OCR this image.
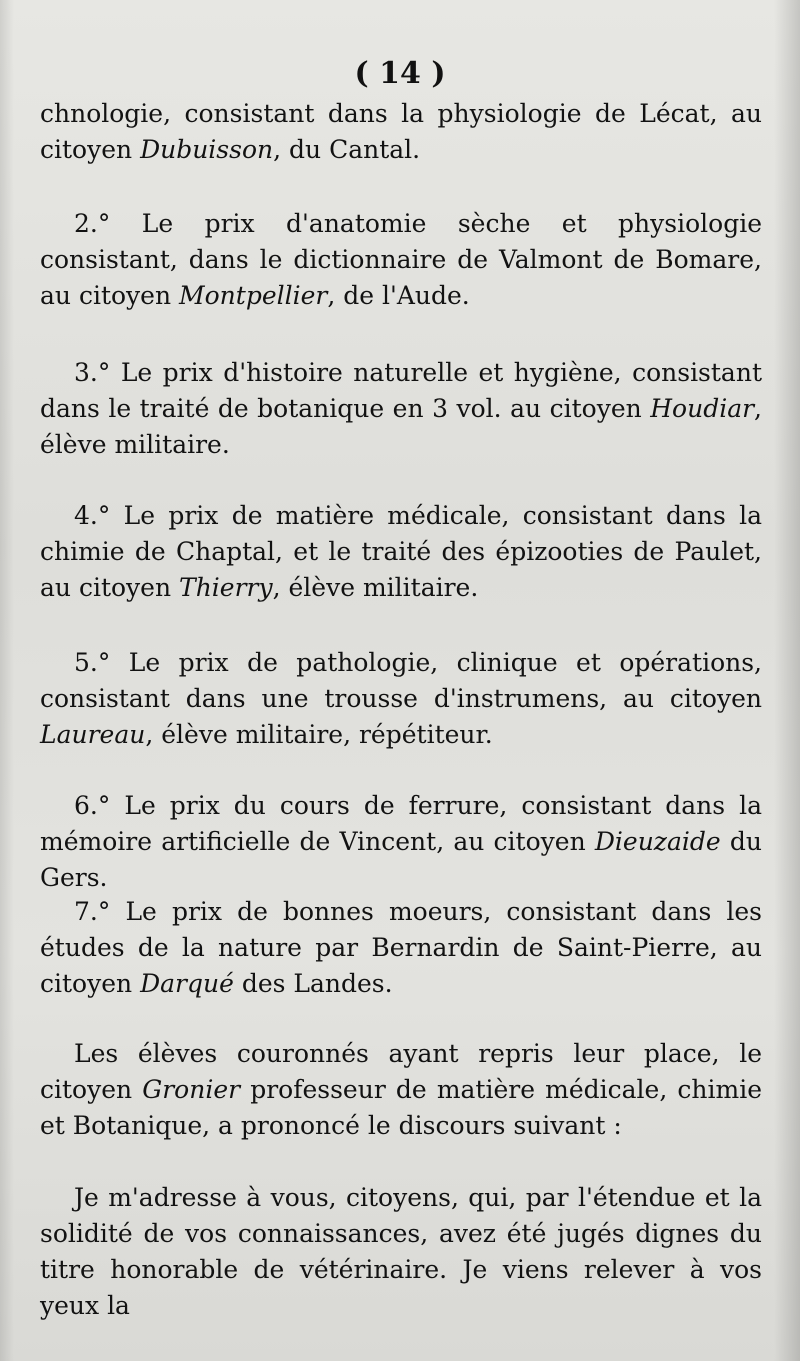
( 14 )

chnologie, consistant dans la physiologie de Lécat, au citoyen Dubuisson, du Cantal.

2.° Le prix d'anatomie sèche et physiologie consistant, dans le dictionnaire de Valmont de Bomare, au citoyen Montpellier, de l'Aude.

3.° Le prix d'histoire naturelle et hygiène, consistant dans le traité de botanique en 3 vol. au citoyen Houdiar, élève militaire.

4.° Le prix de matière médicale, consistant dans la chimie de Chaptal, et le traité des épizooties de Paulet, au citoyen Thierry, élève militaire.

5.° Le prix de pathologie, clinique et opérations, consistant dans une trousse d'instrumens, au citoyen Laureau, élève militaire, répétiteur.

6.° Le prix du cours de ferrure, consistant dans la mémoire artificielle de Vincent, au citoyen Dieuzaide du Gers.

7.° Le prix de bonnes moeurs, consistant dans les études de la nature par Bernardin de Saint-Pierre, au citoyen Darqué des Landes.

Les élèves couronnés ayant repris leur place, le citoyen Gronier professeur de matière médicale, chimie et Botanique, a prononcé le discours suivant :

Je m'adresse à vous, citoyens, qui, par l'étendue et la solidité de vos connaissances, avez été jugés dignes du titre honorable de vétérinaire. Je viens relever à vos yeux la
